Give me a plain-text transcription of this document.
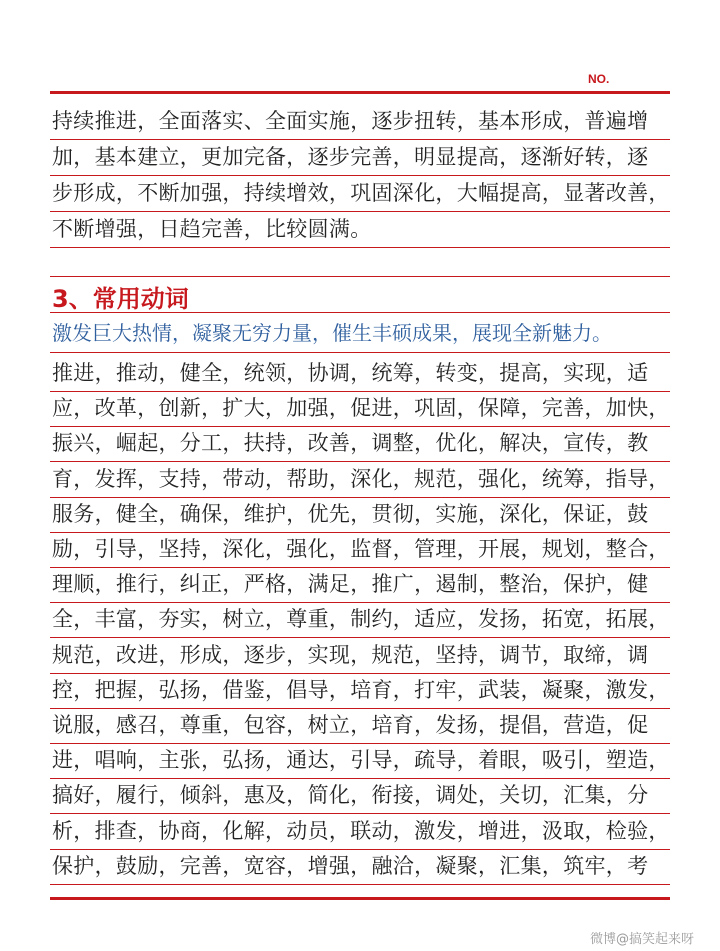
NO.
持续推进，全面落实、全面实施，逐步扭转，基本形成，普遍增
加，基本建立，更加完备，逐步完善，明显提高，逐渐好转，逐
步形成，不断加强，持续增效，巩固深化，大幅提高，显著改善，
不断增强，日趋完善，比较圆满。
3、常用动词
激发巨大热情，凝聚无穷力量，催生丰硕成果，展现全新魅力。
推进，推动，健全，统领，协调，统筹，转变，提高，实现，适
应，改革，创新，扩大，加强，促进，巩固，保障，完善，加快，
振兴，崛起，分工，扶持，改善，调整，优化，解决，宣传，教
育，发挥，支持，带动，帮助，深化，规范，强化，统筹，指导，
服务，健全，确保，维护，优先，贯彻，实施，深化，保证，鼓
励，引导，坚持，深化，强化，监督，管理，开展，规划，整合，
理顺，推行，纠正，严格，满足，推广，遏制，整治，保护，健
全，丰富，夯实，树立，尊重，制约，适应，发扬，拓宽，拓展，
规范，改进，形成，逐步，实现，规范，坚持，调节，取缔，调
控，把握，弘扬，借鉴，倡导，培育，打牢，武装，凝聚，激发，
说服，感召，尊重，包容，树立，培育，发扬，提倡，营造，促
进，唱响，主张，弘扬，通达，引导，疏导，着眼，吸引，塑造，
搞好，履行，倾斜，惠及，简化，衔接，调处，关切，汇集，分
析，排查，协商，化解，动员，联动，激发，增进，汲取，检验，
保护，鼓励，完善，宽容，增强，融洽，凝聚，汇集，筑牢，考
微博@搞笑起来呀
